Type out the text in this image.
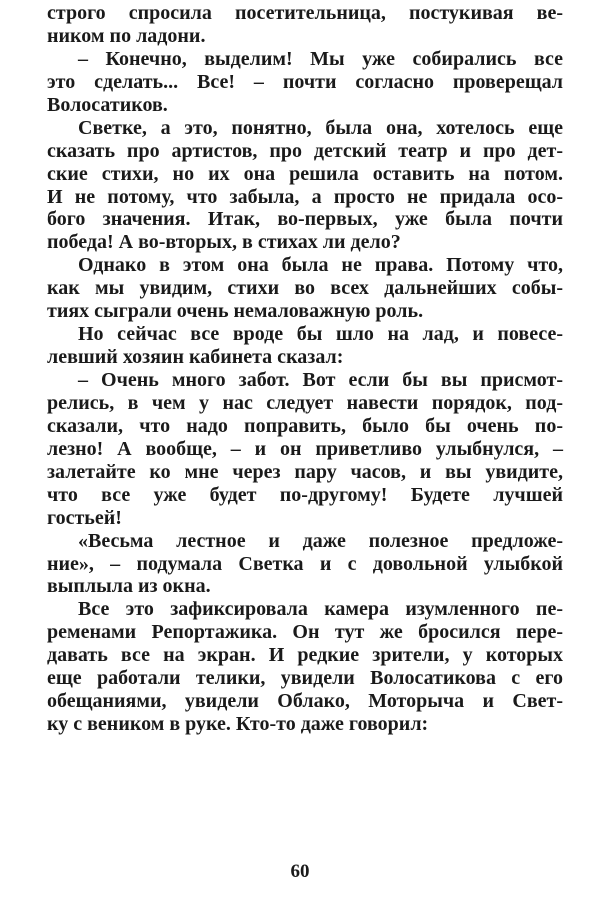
строго спросила посетительница, постукивая ве-
ником по ладони.
– Конечно, выделим! Мы уже собирались все
это сделать... Все! – почти согласно проверещал
Волосатиков.
Светке, а это, понятно, была она, хотелось еще
сказать про артистов, про детский театр и про дет-
ские стихи, но их она решила оставить на потом.
И не потому, что забыла, а просто не придала осо-
бого значения. Итак, во-первых, уже была почти
победа! А во-вторых, в стихах ли дело?
Однако в этом она была не права. Потому что,
как мы увидим, стихи во всех дальнейших собы-
тиях сыграли очень немаловажную роль.
Но сейчас все вроде бы шло на лад, и повесе-
левший хозяин кабинета сказал:
– Очень много забот. Вот если бы вы присмот-
релись, в чем у нас следует навести порядок, под-
сказали, что надо поправить, было бы очень по-
лезно! А вообще, – и он приветливо улыбнулся, –
залетайте ко мне через пару часов, и вы увидите,
что все уже будет по-другому! Будете лучшей
гостьей!
«Весьма лестное и даже полезное предложе-
ние», – подумала Светка и с довольной улыбкой
выплыла из окна.
Все это зафиксировала камера изумленного пе-
ременами Репортажика. Он тут же бросился пере-
давать все на экран. И редкие зрители, у которых
еще работали телики, увидели Волосатикова с его
обещаниями, увидели Облако, Моторыча и Свет-
ку с веником в руке. Кто-то даже говорил:
60
